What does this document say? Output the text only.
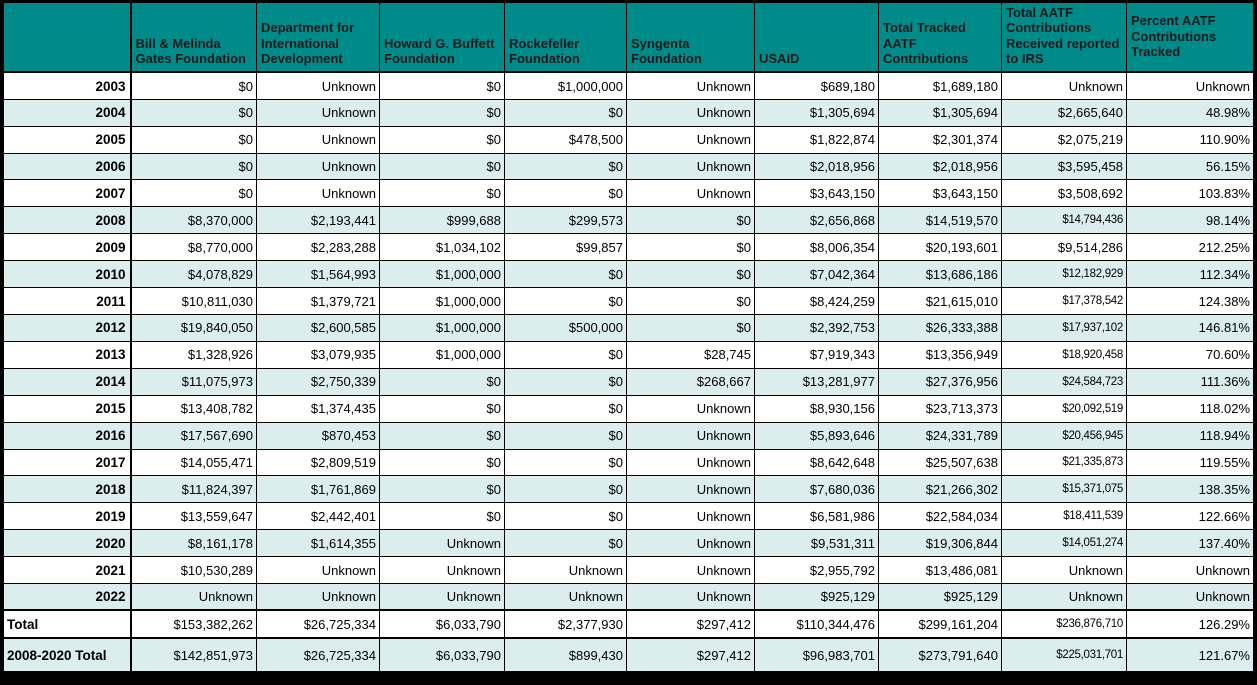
	Bill & Melinda Gates Foundation	Department for International Development	Howard G. Buffett Foundation	Rockefeller Foundation	Syngenta Foundation	USAID	Total Tracked AATF Contributions	Total AATF Contributions Received reported to IRS	Percent AATF Contributions Tracked
2003	$0	Unknown	$0	$1,000,000	Unknown	$689,180	$1,689,180	Unknown	Unknown
2004	$0	Unknown	$0	$0	Unknown	$1,305,694	$1,305,694	$2,665,640	48.98%
2005	$0	Unknown	$0	$478,500	Unknown	$1,822,874	$2,301,374	$2,075,219	110.90%
2006	$0	Unknown	$0	$0	Unknown	$2,018,956	$2,018,956	$3,595,458	56.15%
2007	$0	Unknown	$0	$0	Unknown	$3,643,150	$3,643,150	$3,508,692	103.83%
2008	$8,370,000	$2,193,441	$999,688	$299,573	$0	$2,656,868	$14,519,570	$14,794,436	98.14%
2009	$8,770,000	$2,283,288	$1,034,102	$99,857	$0	$8,006,354	$20,193,601	$9,514,286	212.25%
2010	$4,078,829	$1,564,993	$1,000,000	$0	$0	$7,042,364	$13,686,186	$12,182,929	112.34%
2011	$10,811,030	$1,379,721	$1,000,000	$0	$0	$8,424,259	$21,615,010	$17,378,542	124.38%
2012	$19,840,050	$2,600,585	$1,000,000	$500,000	$0	$2,392,753	$26,333,388	$17,937,102	146.81%
2013	$1,328,926	$3,079,935	$1,000,000	$0	$28,745	$7,919,343	$13,356,949	$18,920,458	70.60%
2014	$11,075,973	$2,750,339	$0	$0	$268,667	$13,281,977	$27,376,956	$24,584,723	111.36%
2015	$13,408,782	$1,374,435	$0	$0	Unknown	$8,930,156	$23,713,373	$20,092,519	118.02%
2016	$17,567,690	$870,453	$0	$0	Unknown	$5,893,646	$24,331,789	$20,456,945	118.94%
2017	$14,055,471	$2,809,519	$0	$0	Unknown	$8,642,648	$25,507,638	$21,335,873	119.55%
2018	$11,824,397	$1,761,869	$0	$0	Unknown	$7,680,036	$21,266,302	$15,371,075	138.35%
2019	$13,559,647	$2,442,401	$0	$0	Unknown	$6,581,986	$22,584,034	$18,411,539	122.66%
2020	$8,161,178	$1,614,355	Unknown	$0	Unknown	$9,531,311	$19,306,844	$14,051,274	137.40%
2021	$10,530,289	Unknown	Unknown	Unknown	Unknown	$2,955,792	$13,486,081	Unknown	Unknown
2022	Unknown	Unknown	Unknown	Unknown	Unknown	$925,129	$925,129	Unknown	Unknown
Total	$153,382,262	$26,725,334	$6,033,790	$2,377,930	$297,412	$110,344,476	$299,161,204	$236,876,710	126.29%
2008-2020 Total	$142,851,973	$26,725,334	$6,033,790	$899,430	$297,412	$96,983,701	$273,791,640	$225,031,701	121.67%
